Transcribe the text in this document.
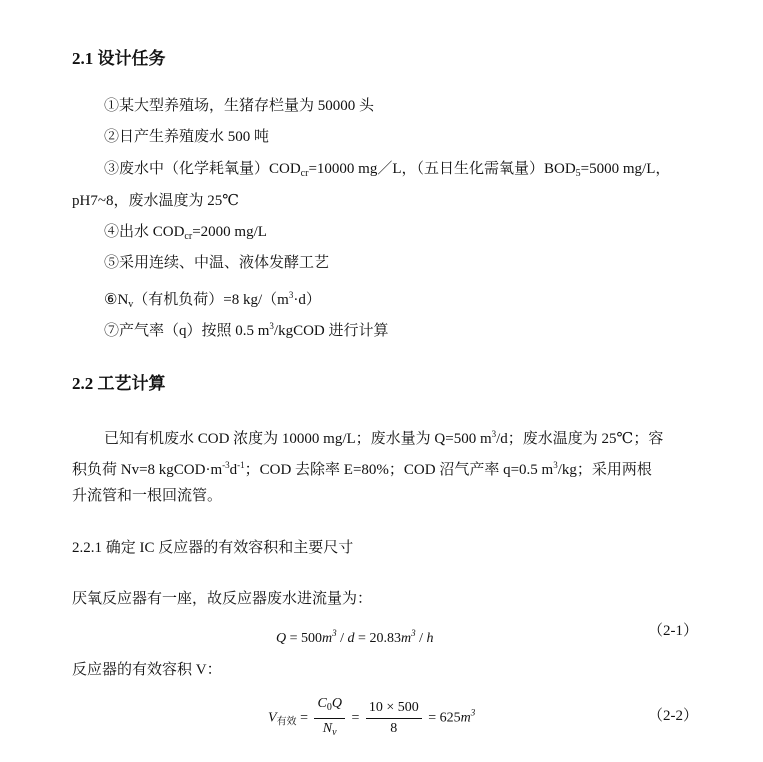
2.1 设计任务
①某大型养殖场，生猪存栏量为 50000 头
②日产生养殖废水 500 吨
③废水中（化学耗氧量）$COD_{cr}=10000$ mg／L，（五日生化需氧量）$BOD_5=5000$ mg/L，
pH7~8，废水温度为 25℃
④出水 $COD_{cr}=2000$ mg/L
⑤采用连续、中温、液体发酵工艺
$⑥N_v$（有机负荷）=8 $kg/(m^3\cdot d)$
⑦产气率（q）按照 0.5 $m^3$/kgCOD 进行计算
2.2 工艺计算
已知有机废水 COD 浓度为 10000 mg/L；废水量为 Q=500 $m^3/d$；废水温度为 25℃；容
积负荷 Nv=8 $kgCOD\cdot m^{-3}d^{-1}$；COD 去除率 E=80%；COD 沼气产率 q=0.5 $m^3/kg$；采用两根
升流管和一根回流管。
2.2.1 确定 IC 反应器的有效容积和主要尺寸
厌氧反应器有一座，故反应器废水进流量为：
$Q = 500m^3 / d = 20.83m^3 / h$	（2-1）
反应器的有效容积 V：
$V_{有效} = \frac{C_0Q}{N_v} = \frac{10 \times 500}{8} = 625m^3$	（2-2）
